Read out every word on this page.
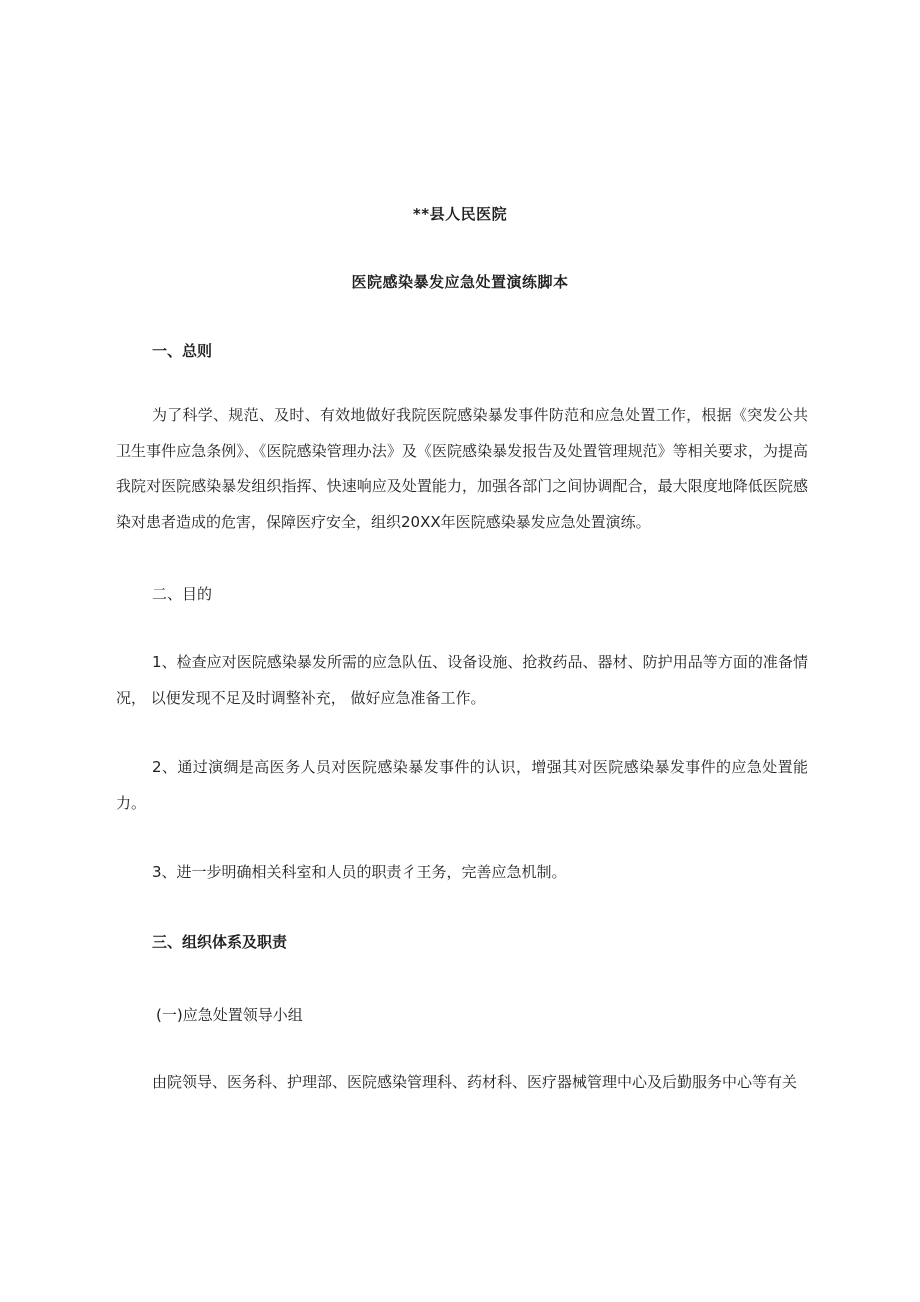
**县人民医院
医院感染暴发应急处置演练脚本
一、总则

为了科学、规范、及时、有效地做好我院医院感染暴发事件防范和应急处置工作，根据《突发公共卫生事件应急条例》、《医院感染管理办法》及《医院感染暴发报告及处置管理规范》等相关要求，为提高我院对医院感染暴发组织指挥、快速响应及处置能力，加强各部门之间协调配合，最大限度地降低医院感染对患者造成的危害，保障医疗安全，组织20XX年医院感染暴发应急处置演练。

二、目的

1、检查应对医院感染暴发所需的应急队伍、设备设施、抢救药品、器材、防护用品等方面的准备情况， 以便发现不足及时调整补充， 做好应急准备工作。

2、通过演绸是高医务人员对医院感染暴发事件的认识，增强其对医院感染暴发事件的应急处置能力。

3、进一步明确相关科室和人员的职责彳王务，完善应急机制。

三、组织体系及职责
(一)应急处置领导小组

由院领导、医务科、护理部、医院感染管理科、药材科、医疗器械管理中心及后勤服务中心等有关
